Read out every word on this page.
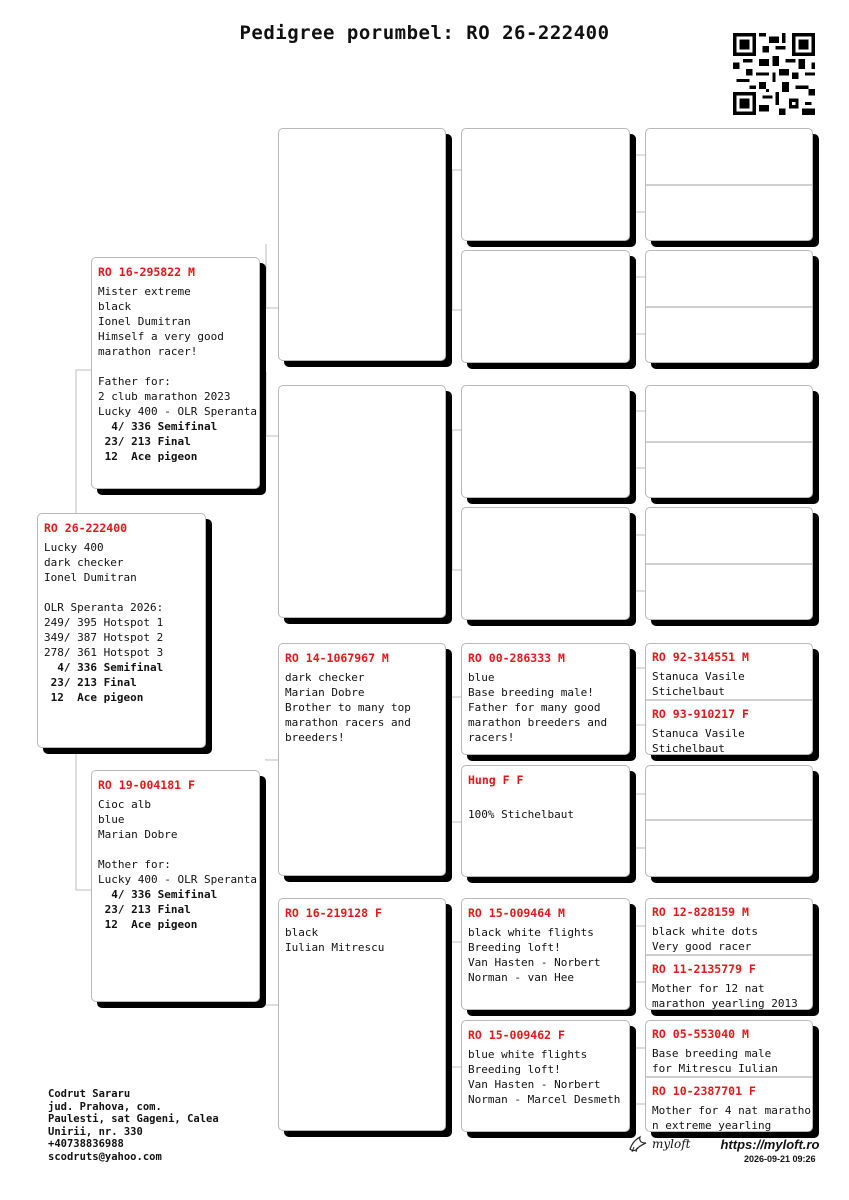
Pedigree porumbel: RO 26-222400
RO 26-222400
Lucky 400
dark checker
Ionel Dumitran
OLR Speranta 2026:
249/ 395 Hotspot 1
349/ 387 Hotspot 2
278/ 361 Hotspot 3
4/ 336 Semifinal
23/ 213 Final
12  Ace pigeon
RO 16-295822 M
Mister extreme
black
Ionel Dumitran
Himself a very good
marathon racer!
Father for:
2 club marathon 2023
Lucky 400 - OLR Speranta
4/ 336 Semifinal
23/ 213 Final
12  Ace pigeon
RO 19-004181 F
Cioc alb
blue
Marian Dobre
Mother for:
Lucky 400 - OLR Speranta
4/ 336 Semifinal
23/ 213 Final
12  Ace pigeon
RO 14-1067967 M
dark checker
Marian Dobre
Brother to many top
marathon racers and
breeders!
RO 16-219128 F
black
Iulian Mitrescu
RO 00-286333 M
blue
Base breeding male!
Father for many good
marathon breeders and
racers!
Hung F F
100% Stichelbaut
RO 15-009464 M
black white flights
Breeding loft!
Van Hasten - Norbert
Norman - van Hee
RO 15-009462 F
blue white flights
Breeding loft!
Van Hasten - Norbert
Norman - Marcel Desmeth
RO 92-314551 M
Stanuca Vasile
Stichelbaut
RO 93-910217 F
Stanuca Vasile
Stichelbaut
RO 12-828159 M
black white dots
Very good racer
RO 11-2135779 F
Mother for 12 nat
marathon yearling 2013
RO 05-553040 M
Base breeding male
for Mitrescu Iulian
RO 10-2387701 F
Mother for 4 nat maratho
n extreme yearling
Codrut Sararu
jud. Prahova, com.
Paulesti, sat Gageni, Calea
Unirii, nr. 330
+40738836988
scodruts@yahoo.com
myloft https://myloft.ro
2026-09-21 09:26
